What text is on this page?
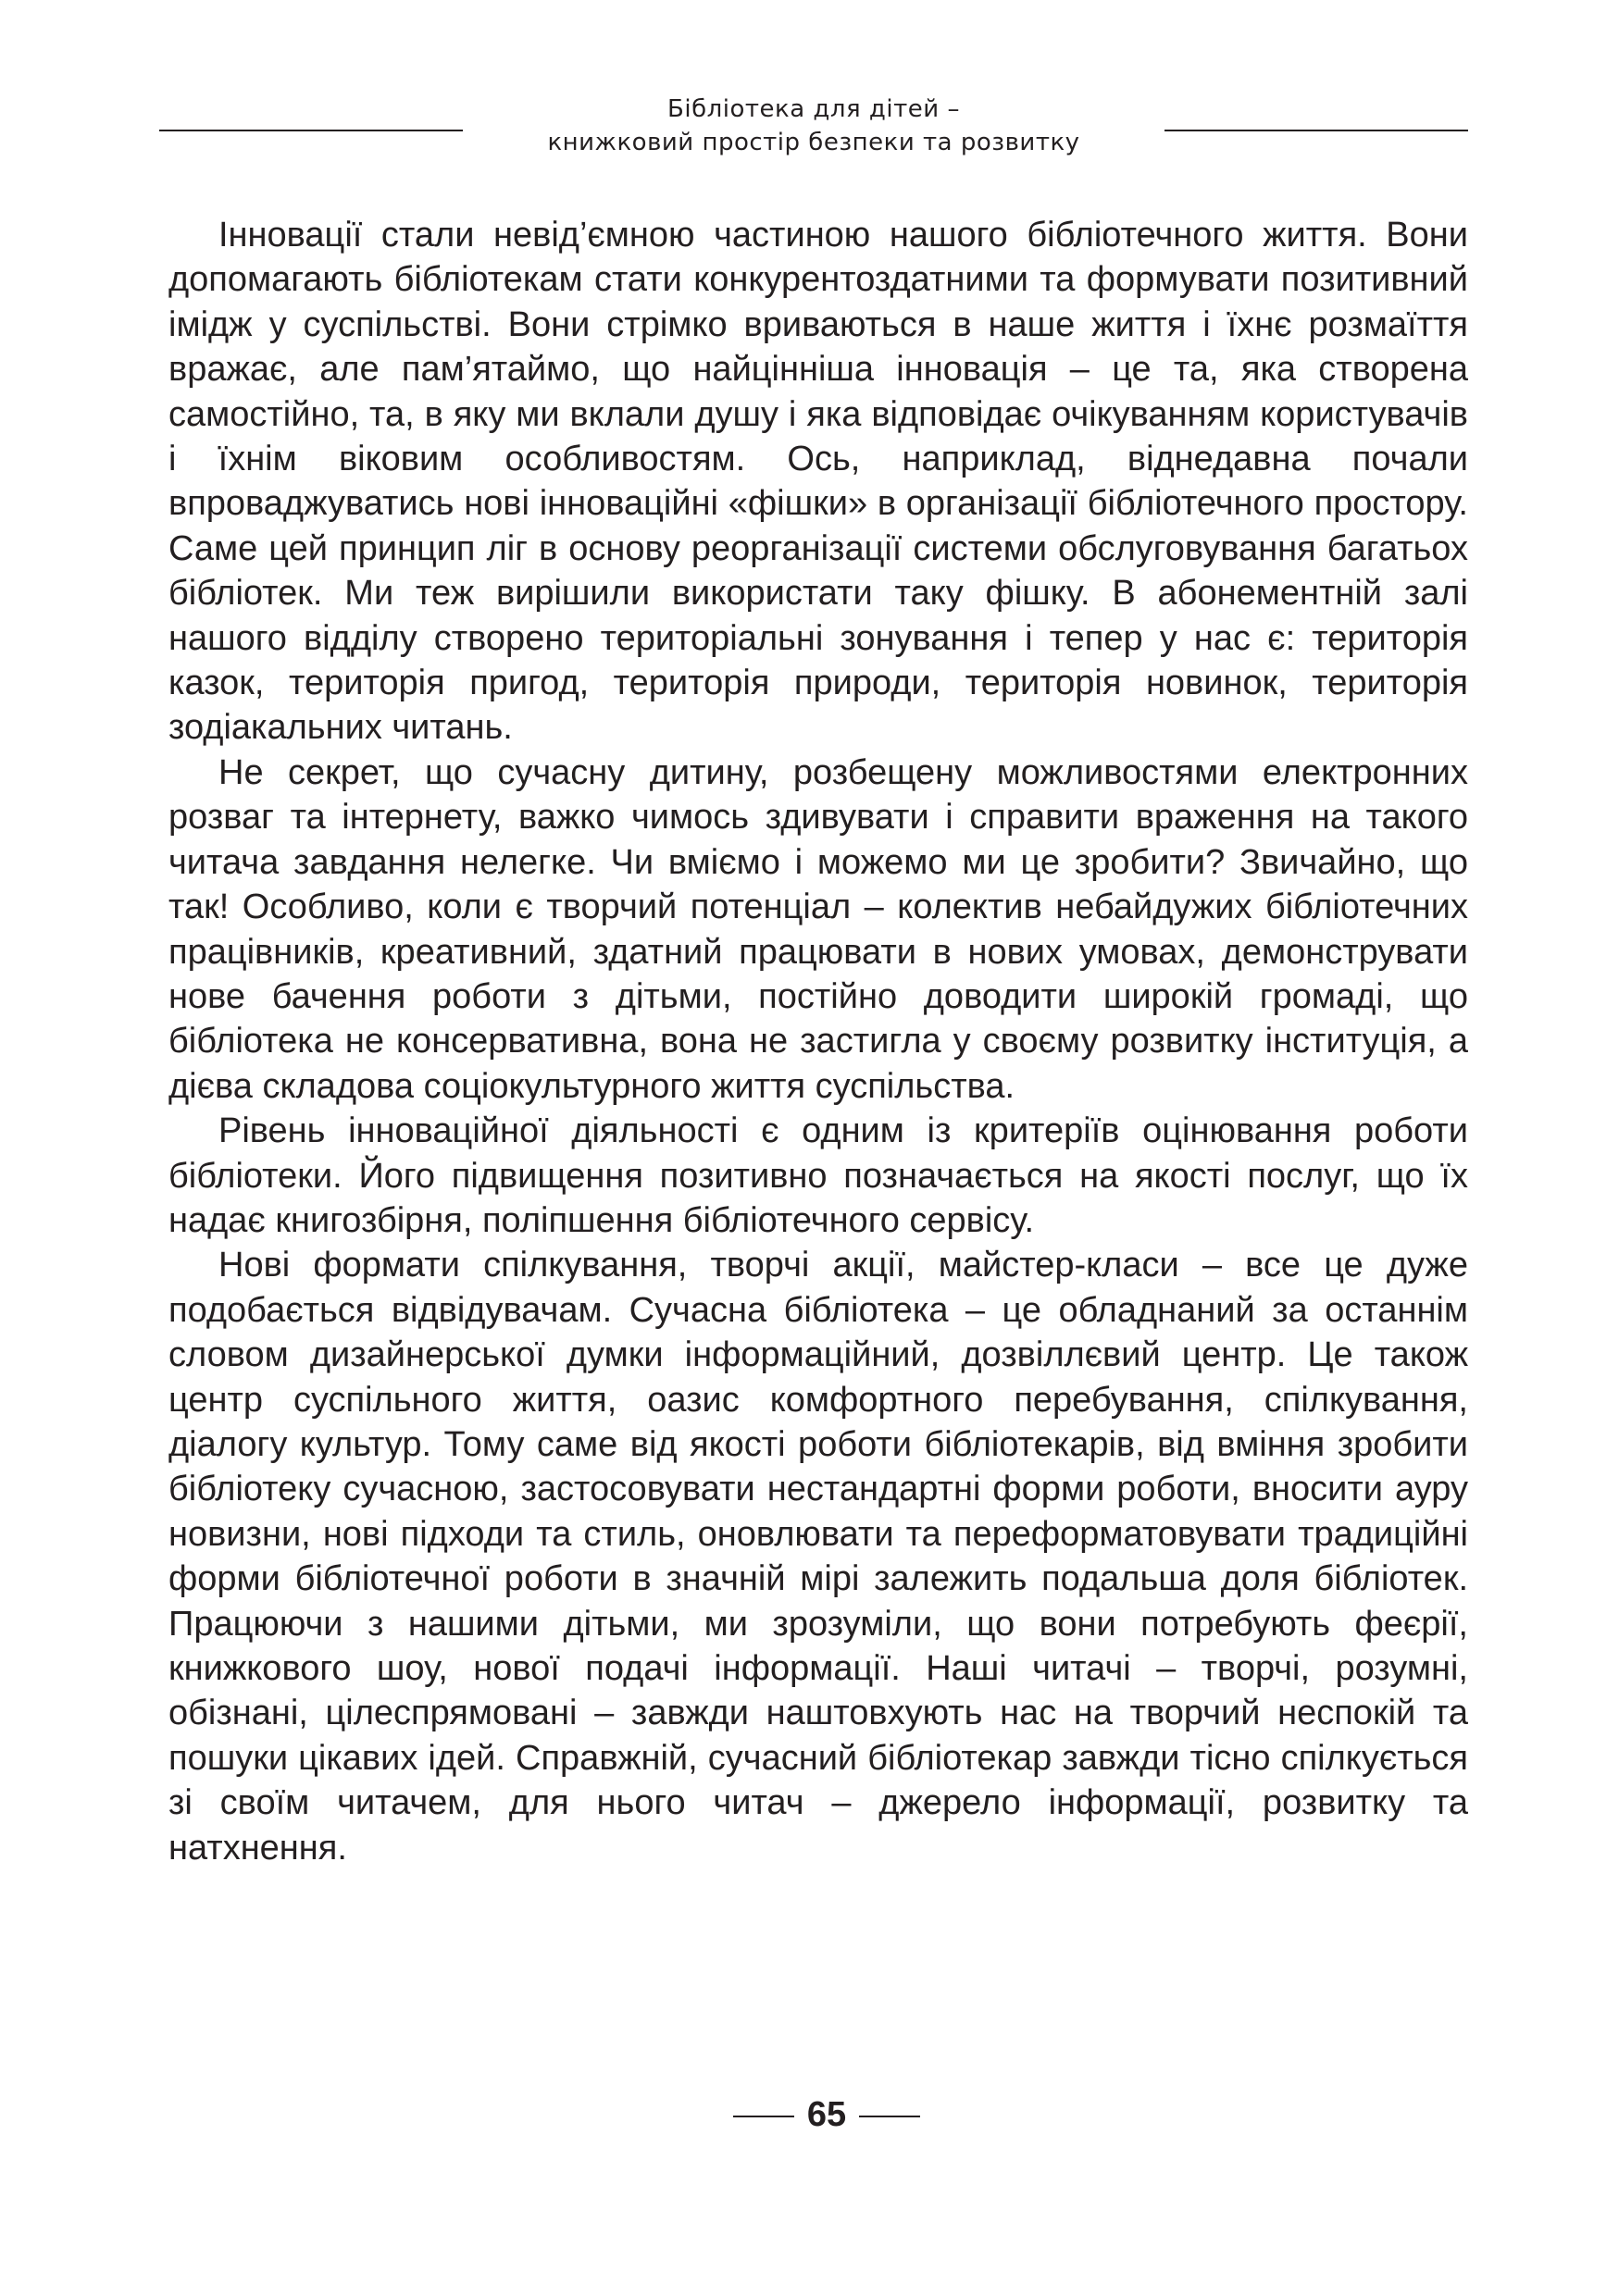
Бібліотека для дітей –
книжковий простір безпеки та розвитку

Інновації стали невід’ємною частиною нашого бібліотечного життя. Вони допомагають бібліотекам стати конкурентоздатними та формувати позитивний імідж у суспільстві. Вони стрімко вриваються в наше життя і їхнє розмаїття вражає, але пам’ятаймо, що найцінніша інновація – це та, яка створена самостійно, та, в яку ми вклали душу і яка відповідає очікуванням користувачів і їхнім віковим особливостям. Ось, наприклад, віднедавна почали впроваджуватись нові інноваційні «фішки» в організації бібліотечного простору. Саме цей принцип ліг в основу реорганізації системи обслуговування багатьох бібліотек. Ми теж вирішили використати таку фішку. В абонементній залі нашого відділу створено територіальні зонування і тепер у нас є: територія казок, територія пригод, територія природи, територія новинок, територія зодіакальних читань.

Не секрет, що сучасну дитину, розбещену можливостями електронних розваг та інтернету, важко чимось здивувати і справити враження на такого читача завдання нелегке. Чи вміємо і можемо ми це зробити? Звичайно, що так! Особливо, коли є творчий потенціал – колектив небайдужих бібліотечних працівників, креативний, здатний працювати в нових умовах, демонструвати нове бачення роботи з дітьми, постійно доводити широкій громаді, що бібліотека не консервативна, вона не застигла у своєму розвитку інституція, а дієва складова соціокультурного життя суспільства.

Рівень інноваційної діяльності є одним із критеріїв оцінювання роботи бібліотеки. Його підвищення позитивно позначається на якості послуг, що їх надає книгозбірня, поліпшення бібліотечного сервісу.

Нові формати спілкування, творчі акції, майстер-класи – все це дуже подобається відвідувачам. Сучасна бібліотека – це обладнаний за останнім словом дизайнерської думки інформаційний, дозвіллєвий центр. Це також центр суспільного життя, оазис комфортного перебування, спілкування, діалогу культур. Тому саме від якості роботи бібліотекарів, від вміння зробити бібліотеку сучасною, застосовувати нестандартні форми роботи, вносити ауру новизни, нові підходи та стиль, оновлювати та переформатовувати традиційні форми бібліотечної роботи в значній мірі залежить подальша доля бібліотек. Працюючи з нашими дітьми, ми зрозуміли, що вони потребують феєрії, книжкового шоу, нової подачі інформації. Наші читачі – творчі, розумні, обізнані, цілеспрямовані – завжди наштовхують нас на творчий неспокій та пошуки цікавих ідей. Справжній, сучасний бібліотекар завжди тісно спілкується зі своїм читачем, для нього читач – джерело інформації, розвитку та натхнення.

65
